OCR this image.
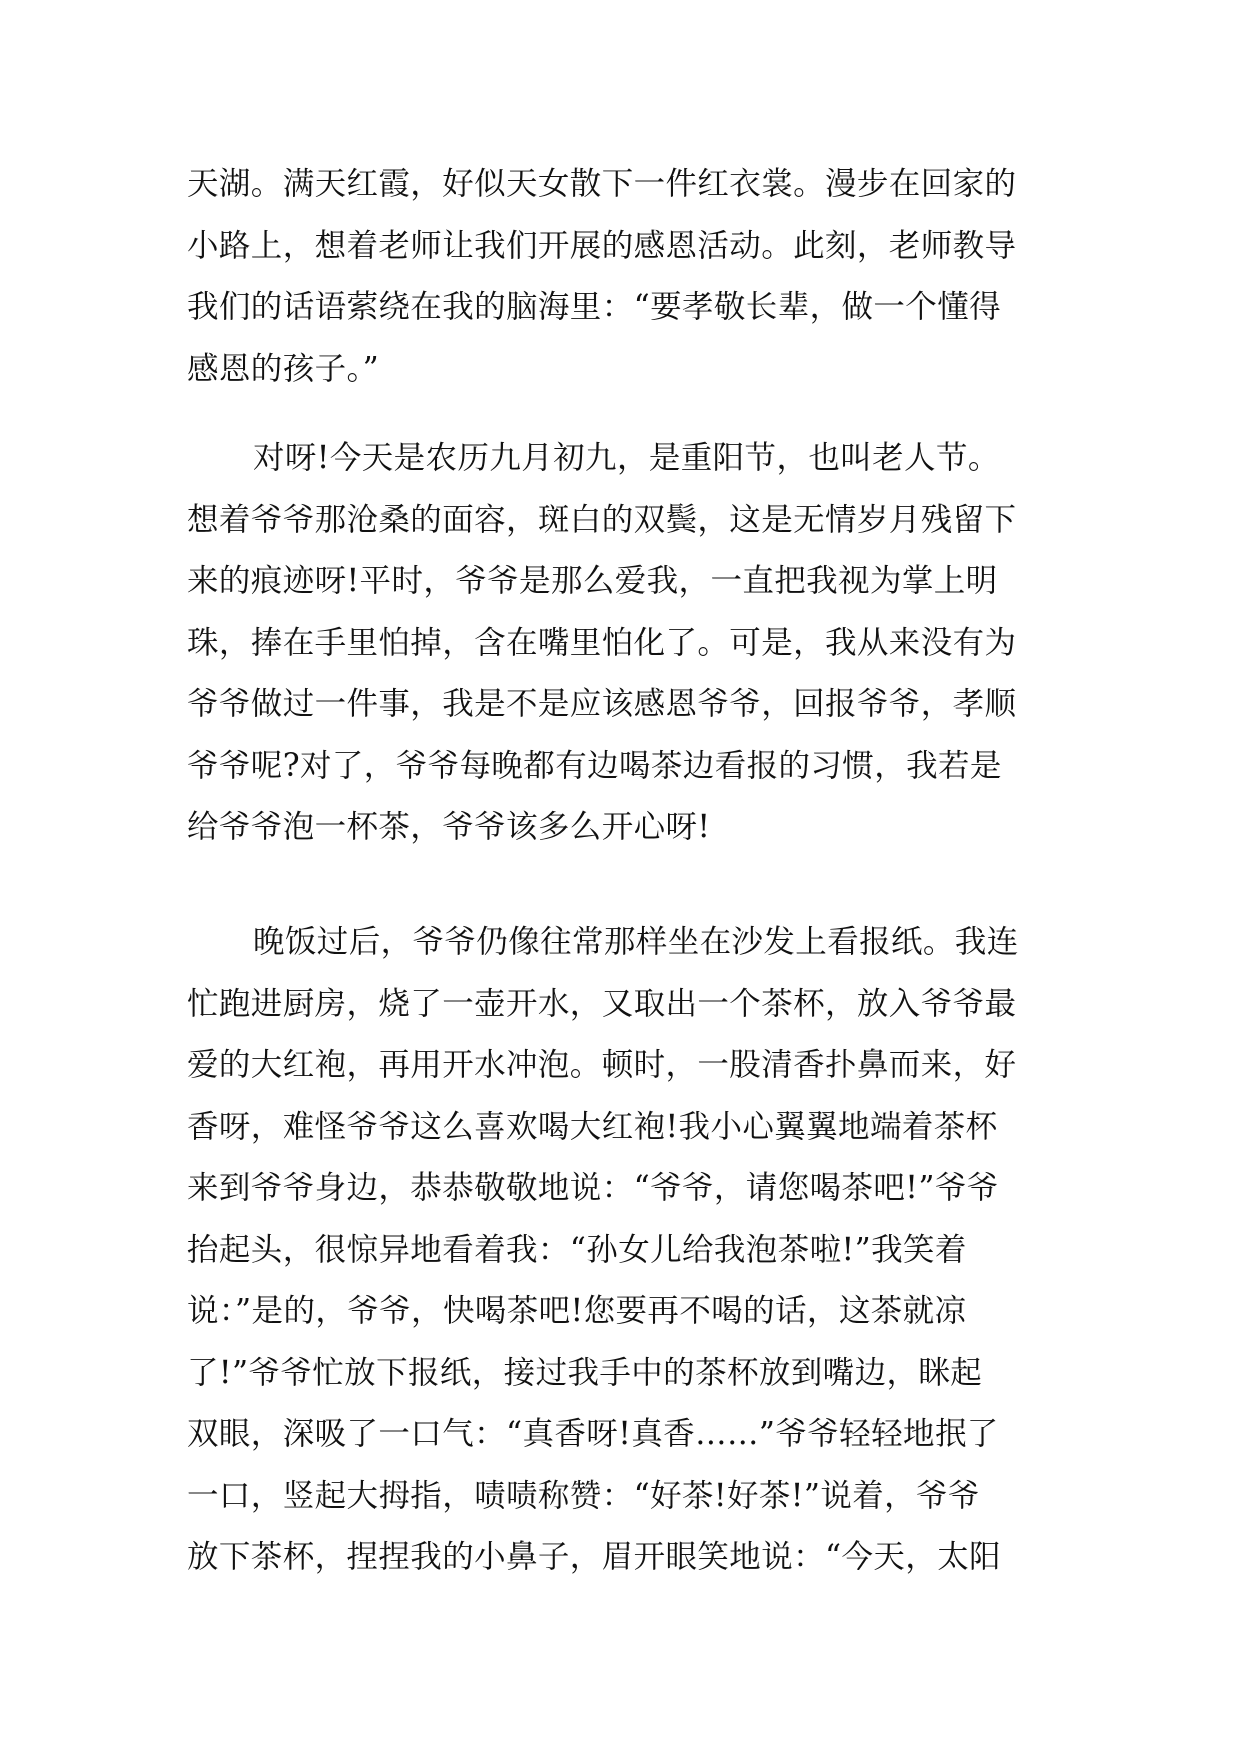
天湖。满天红霞，好似天女散下一件红衣裳。漫步在回家的
小路上，想着老师让我们开展的感恩活动。此刻，老师教导
我们的话语萦绕在我的脑海里：“要孝敬长辈，做一个懂得
感恩的孩子。”
对呀!今天是农历九月初九，是重阳节，也叫老人节。
想着爷爷那沧桑的面容，斑白的双鬓，这是无情岁月残留下
来的痕迹呀!平时，爷爷是那么爱我，一直把我视为掌上明
珠，捧在手里怕掉，含在嘴里怕化了。可是，我从来没有为
爷爷做过一件事，我是不是应该感恩爷爷，回报爷爷，孝顺
爷爷呢?对了，爷爷每晚都有边喝茶边看报的习惯，我若是
给爷爷泡一杯茶，爷爷该多么开心呀!
晚饭过后，爷爷仍像往常那样坐在沙发上看报纸。我连
忙跑进厨房，烧了一壶开水，又取出一个茶杯，放入爷爷最
爱的大红袍，再用开水冲泡。顿时，一股清香扑鼻而来，好
香呀，难怪爷爷这么喜欢喝大红袍!我小心翼翼地端着茶杯
来到爷爷身边，恭恭敬敬地说：“爷爷，请您喝茶吧!”爷爷
抬起头，很惊异地看着我：“孙女儿给我泡茶啦!”我笑着
说：”是的，爷爷，快喝茶吧!您要再不喝的话，这茶就凉
了!”爷爷忙放下报纸，接过我手中的茶杯放到嘴边，眯起
双眼，深吸了一口气：“真香呀!真香……”爷爷轻轻地抿了
一口，竖起大拇指，啧啧称赞：“好茶!好茶!”说着，爷爷
放下茶杯，捏捏我的小鼻子，眉开眼笑地说：“今天，太阳
